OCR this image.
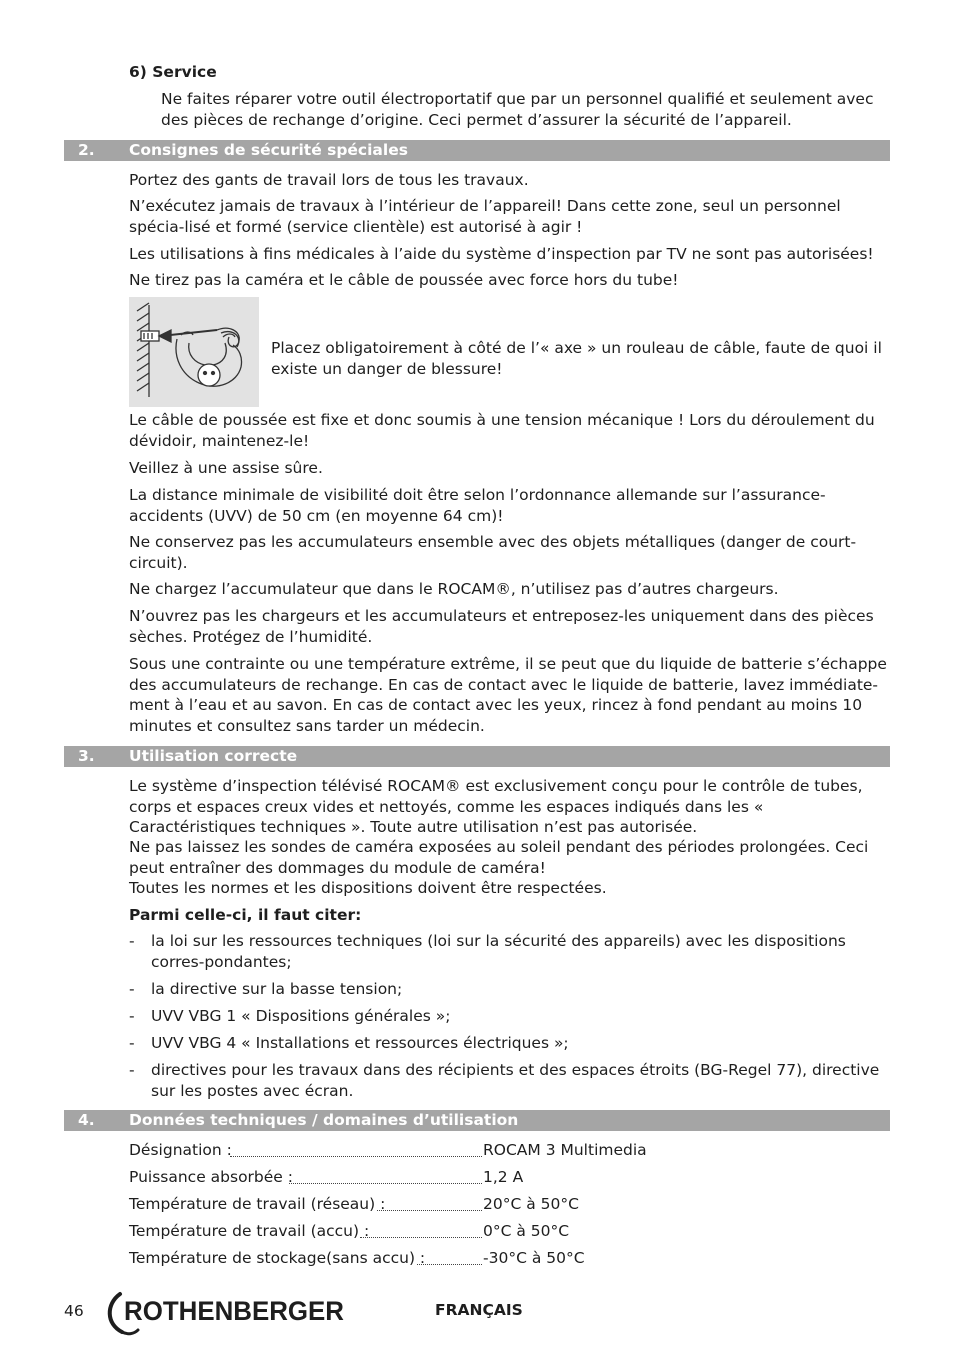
6) Service
Ne faites réparer votre outil électroportatif que par un personnel qualifié et seulement avec des pièces de rechange d’origine. Ceci permet d’assurer la sécurité de l’appareil.
2. Consignes de sécurité spéciales
Portez des gants de travail lors de tous les travaux.
N’exécutez jamais de travaux à l’intérieur de l’appareil! Dans cette zone, seul un personnel spécia-lisé et formé (service clientèle) est autorisé à agir !
Les utilisations à fins médicales à l’aide du système d’inspection par TV ne sont pas autorisées!
Ne tirez pas la caméra et le câble de poussée avec force hors du tube!
Placez obligatoirement à côté de l’« axe » un rouleau de câble, faute de quoi il existe un danger de blessure!
Le câble de poussée est fixe et donc soumis à une tension mécanique ! Lors du déroulement du dévidoir, maintenez-le!
Veillez à une assise sûre.
La distance minimale de visibilité doit être selon l’ordonnance allemande sur l’assurance-accidents (UVV) de 50 cm (en moyenne 64 cm)!
Ne conservez pas les accumulateurs ensemble avec des objets métalliques (danger de court-circuit).
Ne chargez l’accumulateur que dans le ROCAM®, n’utilisez pas d’autres chargeurs.
N’ouvrez pas les chargeurs et les accumulateurs et entreposez-les uniquement dans des pièces sèches. Protégez de l’humidité.
Sous une contrainte ou une température extrême, il se peut que du liquide de batterie s’échappe des accumulateurs de rechange. En cas de contact avec le liquide de batterie, lavez immédiate-ment à l’eau et au savon. En cas de contact avec les yeux, rincez à fond pendant au moins 10 minutes et consultez sans tarder un médecin.
3. Utilisation correcte
Le système d’inspection télévisé ROCAM® est exclusivement conçu pour le contrôle de tubes, corps et espaces creux vides et nettoyés, comme les espaces indiqués dans les « Caractéristiques techniques ». Toute autre utilisation n’est pas autorisée.
Ne pas laissez les sondes de caméra exposées au soleil pendant des périodes prolongées. Ceci peut entraîner des dommages du module de caméra!
Toutes les normes et les dispositions doivent être respectées.
Parmi celle-ci, il faut citer:
- la loi sur les ressources techniques (loi sur la sécurité des appareils) avec les dispositions corres-pondantes;
- la directive sur la basse tension;
- UVV VBG 1 « Dispositions générales »;
- UVV VBG 4 « Installations et ressources électriques »;
- directives pour les travaux dans des récipients et des espaces étroits (BG-Regel 77), directive sur les postes avec écran.
4. Données techniques / domaines d’utilisation
Désignation :	ROCAM 3 Multimedia
Puissance absorbée :	1,2 A
Température de travail (réseau) :	20°C à 50°C
Température de travail (accu) :	0°C à 50°C
Température de stockage(sans accu) :	-30°C à 50°C
46 ROTHENBERGER	FRANÇAIS
